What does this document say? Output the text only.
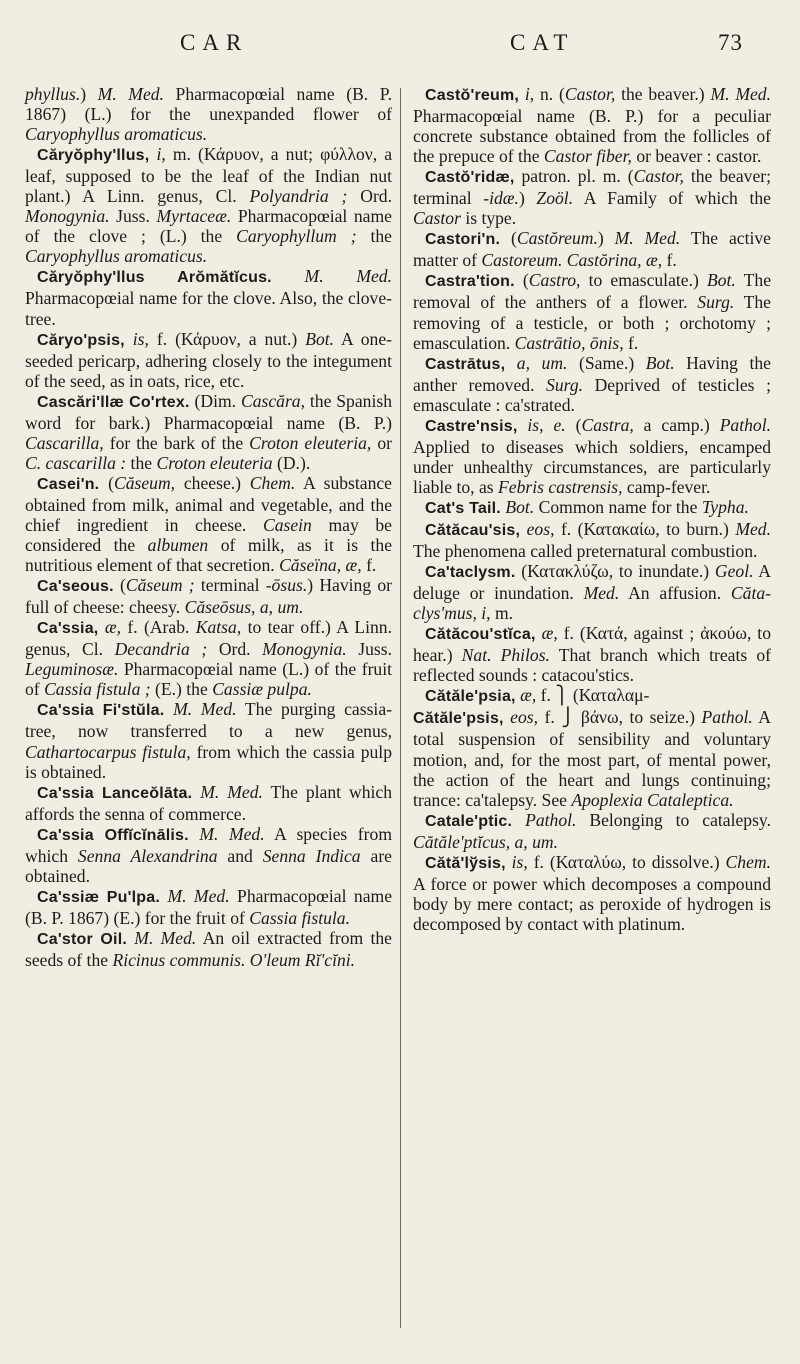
CAR	CAT	73

phyllus.) M. Med. Pharmacopœial name (B. P. 1867) (L.) for the unexpanded flower of Caryophyllus aromaticus.

Căryŏphy'llus, i, m. (Κάρυον, a nut; φύλλον, a leaf, supposed to be the leaf of the Indian nut plant.) A Linn. genus, Cl. Polyandria ; Ord. Monogynia. Juss. Myrtaceæ. Pharmacopœial name of the clove ; (L.) the Caryophyllum ; the Caryophyllus aromaticus.

Căryŏphy'llus Arŏmătĭcus. M. Med. Pharmacopœial name for the clove. Also, the clove-tree.

Căryo'psis, is, f. (Κάρυον, a nut.) Bot. A one-seeded pericarp, adhering closely to the integument of the seed, as in oats, rice, etc.

Cascări'llæ Co'rtex. (Dim. Cascăra, the Spanish word for bark.) Pharmacopœial name (B. P.) Cascarilla, for the bark of the Croton eleuteria, or C. cascarilla : the Croton eleuteria (D.).

Casei'n. (Căseum, cheese.) Chem. A substance obtained from milk, animal and vegetable, and the chief ingredient in cheese. Casein may be considered the albumen of milk, as it is the nutritious element of that secretion. Căseïna, æ, f.

Ca'seous. (Căseum ; terminal -ōsus.) Having or full of cheese: cheesy. Căseōsus, a, um.

Ca'ssia, æ, f. (Arab. Katsa, to tear off.) A Linn. genus, Cl. Decandria ; Ord. Monogynia. Juss. Leguminosæ. Pharmacopœial name (L.) of the fruit of Cassia fistula ; (E.) the Cassiæ pulpa.

Ca'ssia Fi'stŭla. M. Med. The purging cassia-tree, now transferred to a new genus, Cathartocarpus fistula, from which the cassia pulp is obtained.

Ca'ssia Lanceŏlāta. M. Med. The plant which affords the senna of commerce.

Ca'ssia Offĭcĭnālis. M. Med. A species from which Senna Alexandrina and Senna Indica are obtained.

Ca'ssiæ Pu'lpa. M. Med. Pharmacopœial name (B. P. 1867) (E.) for the fruit of Cassia fistula.

Ca'stor Oil. M. Med. An oil extracted from the seeds of the Ricinus communis. O'leum Rĭ'cĭni.

Castŏ'reum, i, n. (Castor, the beaver.) M. Med. Pharmacopœial name (B. P.) for a peculiar concrete substance obtained from the follicles of the prepuce of the Castor fiber, or beaver : castor.

Castŏ'ridæ, patron. pl. m. (Castor, the beaver; terminal -idæ.) Zoöl. A Family of which the Castor is type.

Castori'n. (Castŏreum.) M. Med. The active matter of Castoreum. Castŏrina, æ, f.

Castra'tion. (Castro, to emasculate.) Bot. The removal of the anthers of a flower. Surg. The removing of a testicle, or both ; orchotomy ; emasculation. Castrātio, ōnis, f.

Castrātus, a, um. (Same.) Bot. Having the anther removed. Surg. Deprived of testicles ; emasculate : ca'strated.

Castre'nsis, is, e. (Castra, a camp.) Pathol. Applied to diseases which soldiers, encamped under unhealthy circumstances, are particularly liable to, as Febris castrensis, camp-fever.

Cat's Tail. Bot. Common name for the Typha.

Cătăcau'sis, eos, f. (Κατακαίω, to burn.) Med. The phenomena called preternatural combustion.

Ca'taclysm. (Κατακλύζω, to inundate.) Geol. A deluge or inundation. Med. An affusion. Căta-clys'mus, i, m.

Cătăcou'stĭca, æ, f. (Κατά, against ; ἀκούω, to hear.) Nat. Philos. That branch which treats of reflected sounds : catacou'stics.

Cătăle'psia, æ, f. ⎫ (Καταλαμ-

Cătăle'psis, eos, f. ⎭ βάνω, to seize.) Pathol. A total suspension of sensibility and voluntary motion, and, for the most part, of mental power, the action of the heart and lungs continuing; trance: ca'talepsy. See Apoplexia Cataleptica.

Catale'ptic. Pathol. Belonging to catalepsy. Cătăle'ptĭcus, a, um.

Cătă'lўsis, is, f. (Καταλύω, to dissolve.) Chem. A force or power which decomposes a compound body by mere contact; as peroxide of hydrogen is decomposed by contact with platinum.
